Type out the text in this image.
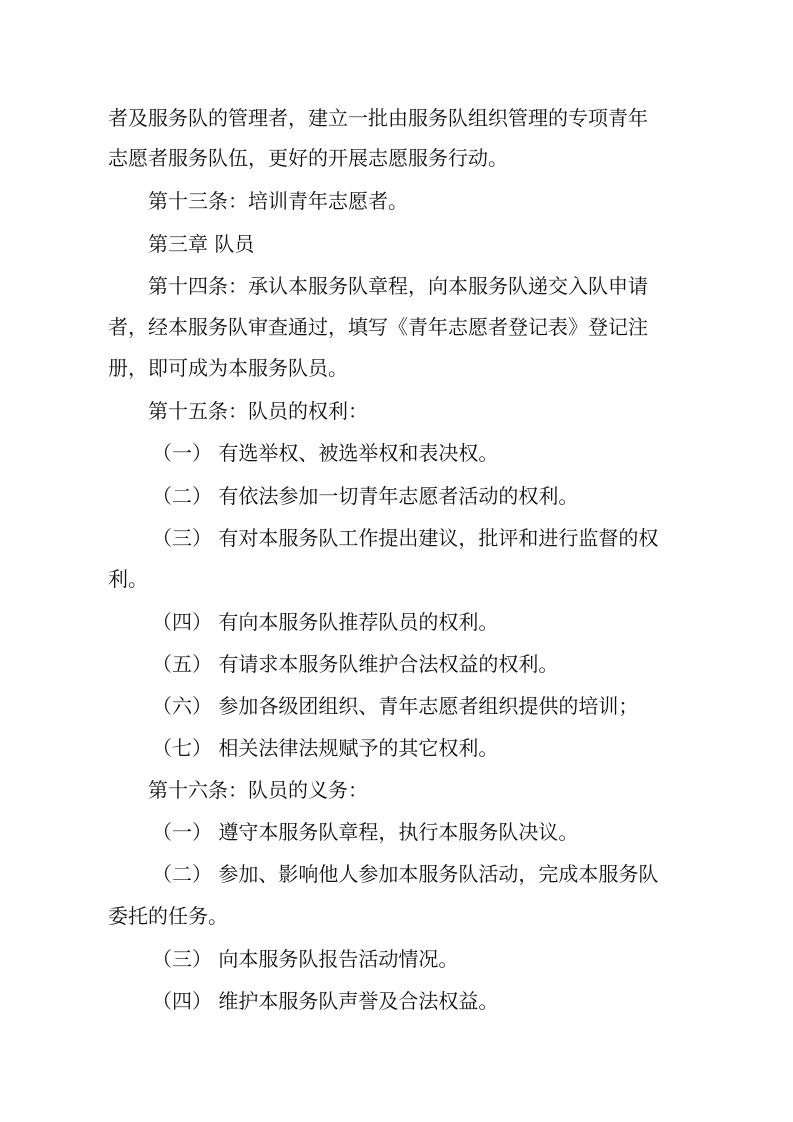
者及服务队的管理者，建立一批由服务队组织管理的专项青年

志愿者服务队伍，更好的开展志愿服务行动。

第十三条：培训青年志愿者。

第三章 队员

第十四条：承认本服务队章程，向本服务队递交入队申请

者，经本服务队审查通过，填写《青年志愿者登记表》登记注

册，即可成为本服务队员。

第十五条：队员的权利：

（一） 有选举权、被选举权和表决权。

（二） 有依法参加一切青年志愿者活动的权利。

（三） 有对本服务队工作提出建议，批评和进行监督的权

利。

（四） 有向本服务队推荐队员的权利。

（五） 有请求本服务队维护合法权益的权利。

（六） 参加各级团组织、青年志愿者组织提供的培训；

（七） 相关法律法规赋予的其它权利。

第十六条：队员的义务：

（一） 遵守本服务队章程，执行本服务队决议。

（二） 参加、影响他人参加本服务队活动，完成本服务队

委托的任务。

（三） 向本服务队报告活动情况。

（四） 维护本服务队声誉及合法权益。
